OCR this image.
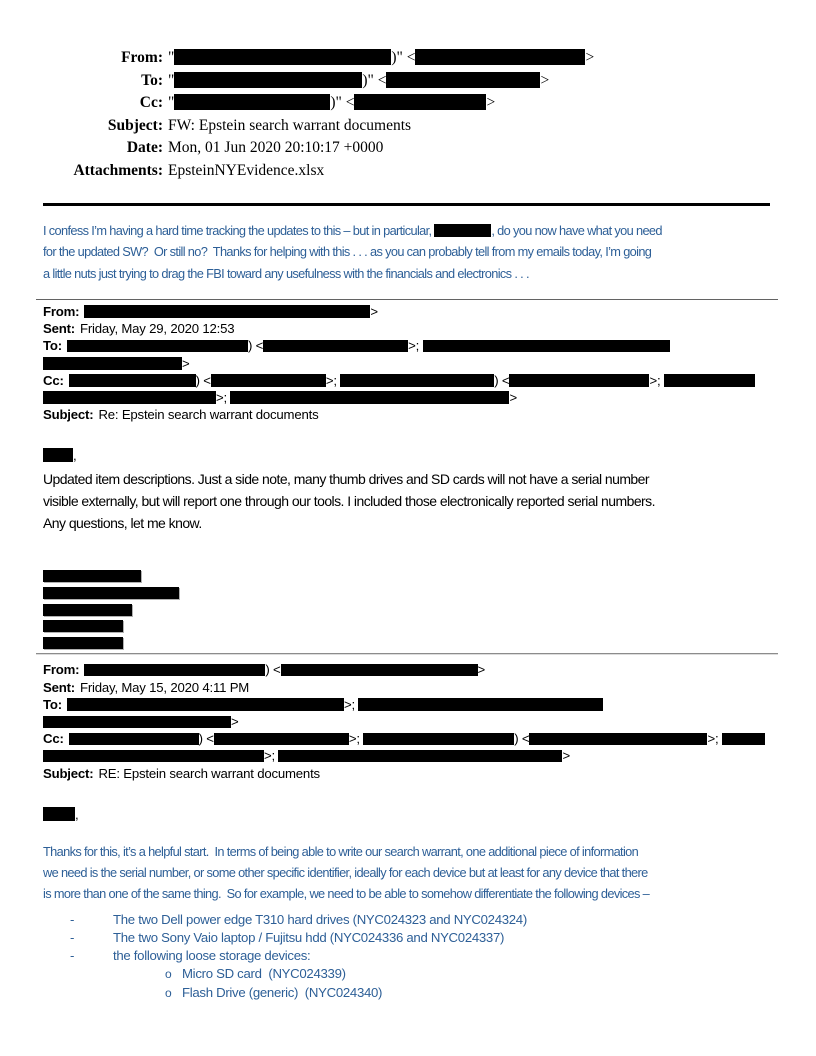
From: "	)" <	>
To: "	)" <	>
Cc: "	)" <	>
Subject: FW: Epstein search warrant documents
Date: Mon, 01 Jun 2020 20:10:17 +0000
Attachments: EpsteinNYEvidence.xlsx
I confess I’m having a hard time tracking the updates to this – but in particular,	, do you now have what you need
for the updated SW?  Or still no?  Thanks for helping with this . . . as you can probably tell from my emails today, I’m going
a little nuts just trying to drag the FBI toward any usefulness with the financials and electronics . . .
From:	>
Sent: Friday, May 29, 2020 12:53
To:	) <	>;
>
Cc:	) <	>;	) <	>;
>;	>
Subject: Re: Epstein search warrant documents
,
Updated item descriptions. Just a side note, many thumb drives and SD cards will not have a serial number
visible externally, but will report one through our tools. I included those electronically reported serial numbers.
Any questions, let me know.
From:	) <	>
Sent: Friday, May 15, 2020 4:11 PM
To:	>;
>
Cc:	) <	>;	) <	>;
>;	>
Subject: RE: Epstein search warrant documents
,
Thanks for this, it’s a helpful start.  In terms of being able to write our search warrant, one additional piece of information
we need is the serial number, or some other specific identifier, ideally for each device but at least for any device that there
is more than one of the same thing.  So for example, we need to be able to somehow differentiate the following devices –
-	The two Dell power edge T310 hard drives (NYC024323 and NYC024324)
-	The two Sony Vaio laptop / Fujitsu hdd (NYC024336 and NYC024337)
-	the following loose storage devices:
o Micro SD card  (NYC024339)
o Flash Drive (generic)  (NYC024340)
